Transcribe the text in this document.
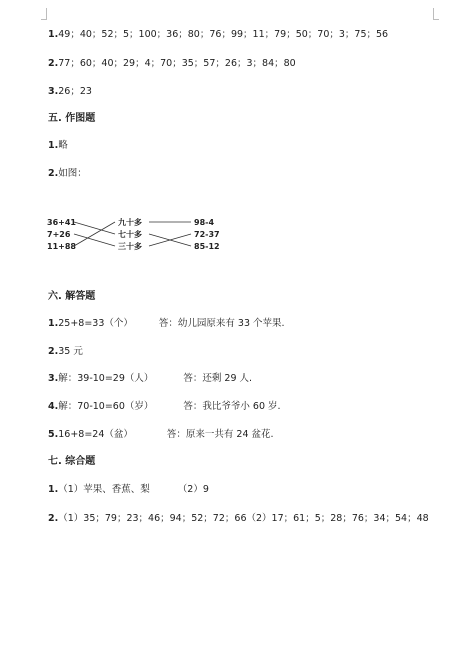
1.49；40；52；5；100；36；80；76；99；11；79；50；70；3；75；56
2.77；60；40；29；4；70；35；57；26；3；84；80
3.26；23
五. 作图题
1.略
2.如图：
36+41
7+26
11+88
九十多
七十多
三十多
98-4
72-37
85-12
六. 解答题
1.25+8=33（个）	答：幼儿园原来有 33 个苹果.
2.35 元
3.解：39-10=29（人）	答：还剩 29 人.
4.解：70-10=60（岁）	答：我比爷爷小 60 岁.
5.16+8=24（盆）	答：原来一共有 24 盆花.
七. 综合题
1.（1）苹果、香蕉、梨	（2）9
2.（1）35；79；23；46；94；52；72；66（2）17；61；5；28；76；34；54；48
